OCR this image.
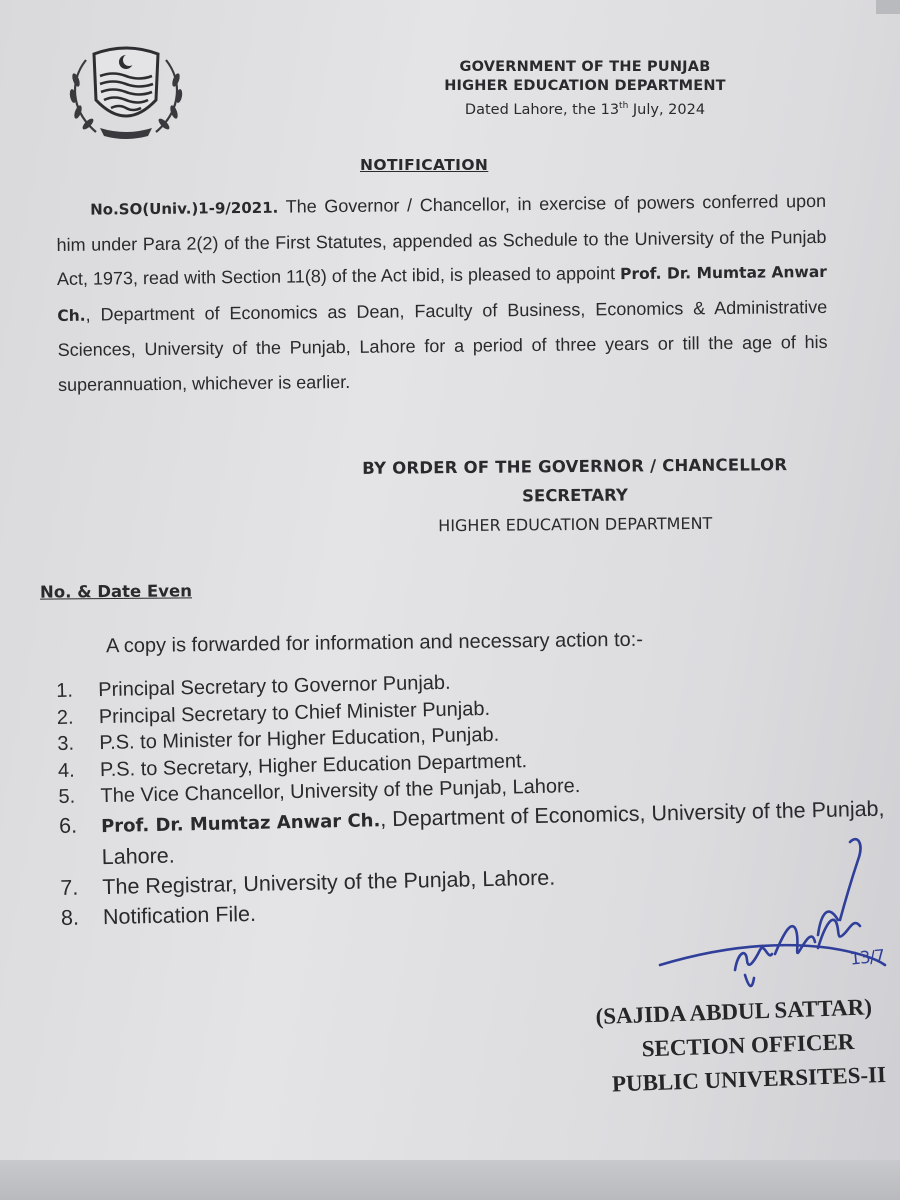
GOVERNMENT OF THE PUNJAB
HIGHER EDUCATION DEPARTMENT
Dated Lahore, the 13th July, 2024
NOTIFICATION
No.SO(Univ.)1-9/2021. The Governor / Chancellor, in exercise of powers conferred upon him under Para 2(2) of the First Statutes, appended as Schedule to the University of the Punjab Act, 1973, read with Section 11(8) of the Act ibid, is pleased to appoint Prof. Dr. Mumtaz Anwar Ch., Department of Economics as Dean, Faculty of Business, Economics & Administrative Sciences, University of the Punjab, Lahore for a period of three years or till the age of his superannuation, whichever is earlier.
BY ORDER OF THE GOVERNOR / CHANCELLOR
SECRETARY
HIGHER EDUCATION DEPARTMENT
No. & Date Even
A copy is forwarded for information and necessary action to:-
1.	Principal Secretary to Governor Punjab.
2.	Principal Secretary to Chief Minister Punjab.
3.	P.S. to Minister for Higher Education, Punjab.
4.	P.S. to Secretary, Higher Education Department.
5.	The Vice Chancellor, University of the Punjab, Lahore.
6.	Prof. Dr. Mumtaz Anwar Ch., Department of Economics, University of the Punjab, Lahore.
7.	The Registrar, University of the Punjab, Lahore.
8.	Notification File.
13/7
(SAJIDA ABDUL SATTAR)
SECTION OFFICER
PUBLIC UNIVERSITES-II
